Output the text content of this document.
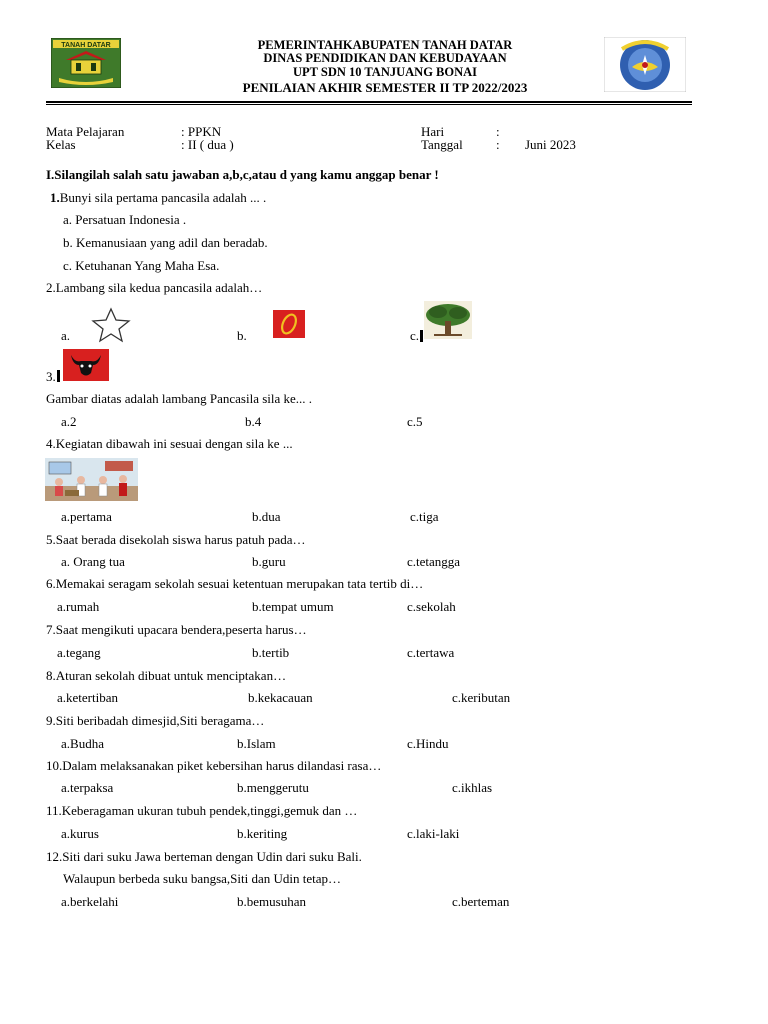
TANAH DATAR	PEMERINTAHKABUPATEN TANAH DATAR
DINAS PENDIDIKAN DAN KEBUDAYAAN
UPT SDN 10 TANJUANG BONAI
PENILAIAN AKHIR SEMESTER II TP 2022/2023
Mata Pelajaran	: PPKN
Kelas	: II ( dua )
Hari	:
Tanggal	: Juni 2023
I.Silangilah salah satu jawaban a,b,c,atau d yang kamu anggap benar !
1.Bunyi sila pertama pancasila adalah ... .
a. Persatuan Indonesia .
b. Kemanusiaan yang adil dan beradab.
c. Ketuhanan Yang Maha Esa.
2.Lambang sila kedua pancasila adalah…
a.	b.	c.
3.
Gambar diatas adalah lambang Pancasila sila ke... .
a.2	b.4	c.5
4.Kegiatan dibawah ini sesuai dengan sila ke ...
a.pertama	b.dua	c.tiga
5.Saat berada disekolah siswa harus patuh pada…
a. Orang tua	b.guru	c.tetangga
6.Memakai seragam sekolah sesuai ketentuan merupakan tata tertib di…
a.rumah	b.tempat umum	c.sekolah
7.Saat mengikuti upacara bendera,peserta harus…
a.tegang	b.tertib	c.tertawa
8.Aturan sekolah dibuat untuk menciptakan…
a.ketertiban	b.kekacauan	c.keributan
9.Siti beribadah dimesjid,Siti beragama…
a.Budha	b.Islam	c.Hindu
10.Dalam melaksanakan piket kebersihan harus dilandasi rasa…
a.terpaksa	b.menggerutu	c.ikhlas
11.Keberagaman ukuran tubuh pendek,tinggi,gemuk dan …
a.kurus	b.keriting	c.laki-laki
12.Siti dari suku Jawa berteman dengan Udin dari suku Bali.
Walaupun berbeda suku bangsa,Siti dan Udin tetap…
a.berkelahi	b.bemusuhan	c.berteman
